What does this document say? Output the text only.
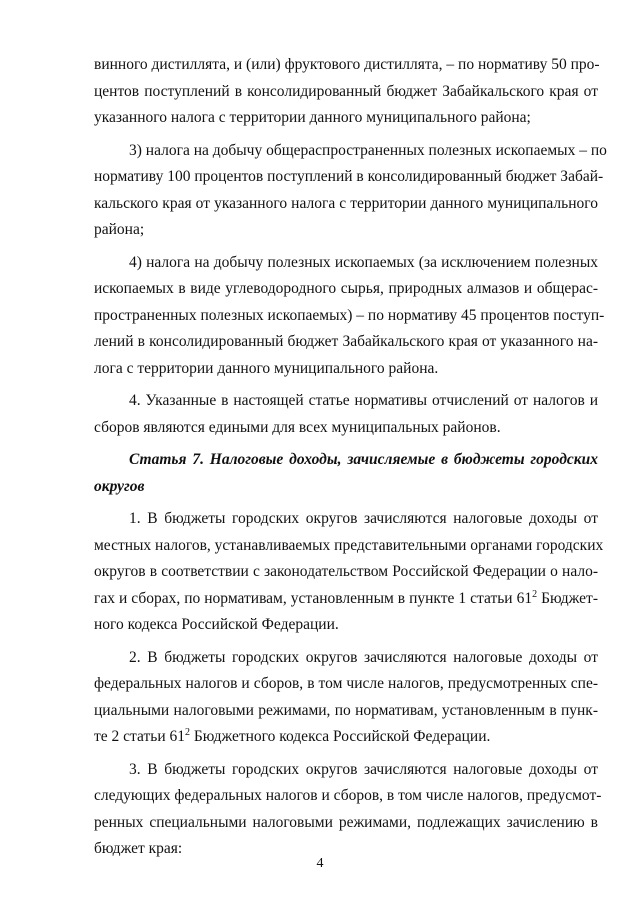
винного дистиллята, и (или) фруктового дистиллята, – по нормативу 50 про-
центов поступлений в консолидированный бюджет Забайкальского края от
указанного налога с территории данного муниципального района;
3) налога на добычу общераспространенных полезных ископаемых – по
нормативу 100 процентов поступлений в консолидированный бюджет Забай-
кальского края от указанного налога с территории данного муниципального
района;
4) налога на добычу полезных ископаемых (за исключением полезных
ископаемых в виде углеводородного сырья, природных алмазов и общерас-
пространенных полезных ископаемых) – по нормативу 45 процентов поступ-
лений в консолидированный бюджет Забайкальского края от указанного на-
лога с территории данного муниципального района.
4. Указанные в настоящей статье нормативы отчислений от налогов и
сборов являются едиными для всех муниципальных районов.
Статья 7. Налоговые доходы, зачисляемые в бюджеты городских
округов
1. В бюджеты городских округов зачисляются налоговые доходы от
местных налогов, устанавливаемых представительными органами городских
округов в соответствии с законодательством Российской Федерации о нало-
гах и сборах, по нормативам, установленным в пункте 1 статьи $61^2$ Бюджет-
ного кодекса Российской Федерации.
2. В бюджеты городских округов зачисляются налоговые доходы от
федеральных налогов и сборов, в том числе налогов, предусмотренных спе-
циальными налоговыми режимами, по нормативам, установленным в пунк-
те 2 статьи $61^2$ Бюджетного кодекса Российской Федерации.
3. В бюджеты городских округов зачисляются налоговые доходы от
следующих федеральных налогов и сборов, в том числе налогов, предусмот-
ренных специальными налоговыми режимами, подлежащих зачислению в
бюджет края:
4
